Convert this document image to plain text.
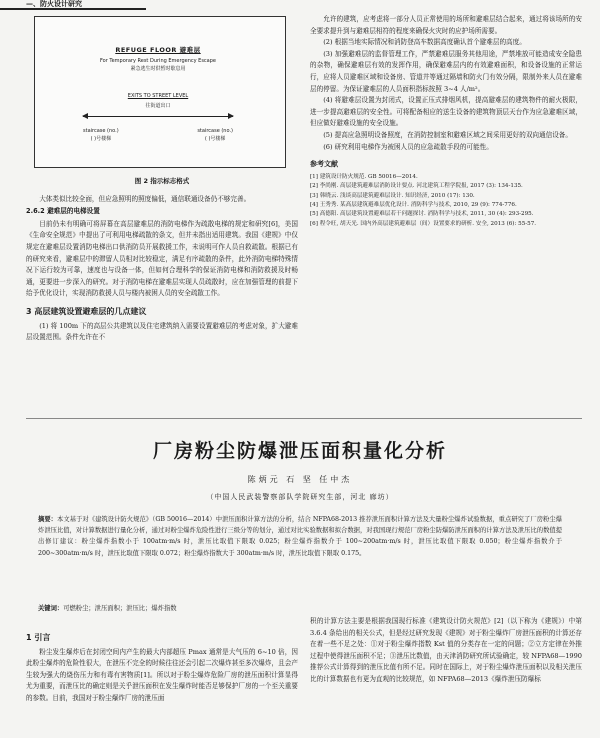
—、防火设计研究
REFUGE FLOOR 避难层
For Temporary Rest During Emergency Escape
紧急逃生时供暂时歇息用
EXITS TO STREET LEVEL
往街道出口
staircase (no.)
( )号楼梯
staircase (no.)
( )号楼梯
图 2 指示标志格式

大体类似比较全面，但应急照明的照度偏低，通信联通设备仍不够完善。

2.6.2 避难层的电梯设置

目前仍未有明确可将屏幕在高层避难层的消防电梯作为疏散电梯的规定和研究[6]，美国《生命安全规范》中提出了可利用电梯疏散的条文，但并未指出适用建筑。我国《建规》中仅规定在避难层设置消防电梯出口供消防员开展救援工作，未说明可作人员自救疏散。根据已有的研究来看，避难层中的滞留人员相对比较稳定，满足有序疏散的条件，此外消防电梯特殊情况下运行较为可靠，速度也与设备一体，但如何合理科学的保证消防电梯和消防救援及时畅通，更要进一步深入的研究。对于消防电梯在避难层实现人员疏散时，应在加强管理的前提下给予优化设计，实现消防救援人员与楼内被困人员的安全疏散工作。

3 高层建筑设置避难层的几点建议

(1) 将 100m 下的高层公共建筑以及住宅建筑纳入需要设置避难层的考虑对象，扩大避难层设置范围。条件允许在不

允许的建筑，应考虑将一部分人员正常使用的场所和避难层结合起来，通过将该场所的安全要求提升到与避难层相符的程度来确保火灾时的应护场所需要。

(2) 根据当地实际情况和消防登高车数据高度确认首个避难层的高度。

(3) 加强避难层的监督管理工作，严禁避难层服务其他用途，严禁堆放可能造成安全隐患的杂物，确保避难层有效的发挥作用，确保避难层内的有效避难面积，和设备设施的正常运行，应将人员避难区域和设备房、管道井等通过隔墙和防火门有效分隔，限制外来人员在避难层的停留。为保证避难层的人员面积指标按照 3~4 人/m²。

(4) 将避难层设置为封闭式，设置正压式排烟风机，提高避难层的建筑物件的耐火极限，进一步提高避难层的安全性。可将配备相应的送生设备的建筑物顶层天台作为应急避难区域，但应做好避难设施的安全设施。

(5) 提高应急照明设备照度，在消防控制室和避难区域之间采用更好的双向通信设备。

(6) 研究利用电梯作为被困人员的应急疏散手段的可能性。

参考文献

[1] 建筑设计防火规范. GB 50016—2014.

[2] 李尚刚. 高层建筑避难层消防设计要点. 河北建筑工程学院报, 2017 (3): 134-135.

[3] 韩晓云. 浅谈高层建筑避难层设计. 知识经济, 2010 (17): 130.

[4] 王秀秀. 某高层建筑避难层优化设计. 消防科学与技术, 2010, 29 (9): 774-776.

[5] 高德阳. 高层建筑设置避难层若干问题探讨. 消防科学与技术, 2011, 30 (4): 293-295.

[6] 程令旺, 胡天光. 国内外高层建筑避难层（间）设置要求的研析. 安全, 2013 (6): 55-57.

厂房粉尘防爆泄压面积量化分析
陈炳元 石 坚 任中杰
（中国人民武装警察部队学院研究生部，河北 廊坊）
摘要：本文基于对《建筑设计防火规范》（GB 50016—2014）中泄压面积计算方法的分析，结合 NFPA68-2013 推荐泄压面积计算方法及大量粉尘爆炸试验数据，重点研究了厂房粉尘爆炸泄压比值，对计算数据进行量化分析，通过对粉尘爆炸危险性进行三级分等的划分，通过对比实验数据和拟合数据，对我国现行规范厂房粉尘防爆防泄压面积的计算方法及泄压比的数值提出修订建议：粉尘爆炸指数小于 100atm·m/s 时，泄压比取值下限取 0.025；粉尘爆炸指数介于 100~200atm·m/s 时，泄压比取值下限取 0.050；粉尘爆炸指数介于 200~300atm·m/s 时，泄压比取值下限取 0.072；粉尘爆炸指数大于 300atm·m/s 时，泄压比取值下限取 0.175。
关键词：可燃粉尘；泄压面积；泄压比；爆炸指数
1 引言

粉尘发生爆炸后在封闭空间内产生的最大内部超压 Pmax 通常是大气压的 6~10 倍，因此粉尘爆炸的危险性很大，在泄压不完全的时候往往还会引起二次爆炸甚至多次爆炸，且会产生较为强大的烧伤压力和有毒有害物质[1]。所以对于粉尘爆炸危险厂房的泄压面积计算显得尤为重要，而泄压比的确定则是关乎泄压面积在发生爆炸时能否足够保护厂房的一个至关重要的参数。目前，我国对于粉尘爆炸厂房的泄压面

积的计算方法主要是根据我国现行标准《建筑设计防火规范》[2]（以下称为《建规》）中第 3.6.4 条给出的相关公式，但是经过研究发现《建规》对于粉尘爆炸厂房泄压面积的计算还存在着一些不足之处：①对于粉尘爆炸指数 Kst 值的分类存在一定的问题；②立方定律在外推过程中使得泄压面积不足；③泄压比数值，由天津消防研究所试验确定，较 NFPA68—1990 推荐公式计算得到的泄压比值有所不足。同时在国际上，对于粉尘爆炸泄压面积以及相关泄压比的计算数据也有更为直观的比较规范，如 NFPA68—2013《爆炸泄压防爆标
